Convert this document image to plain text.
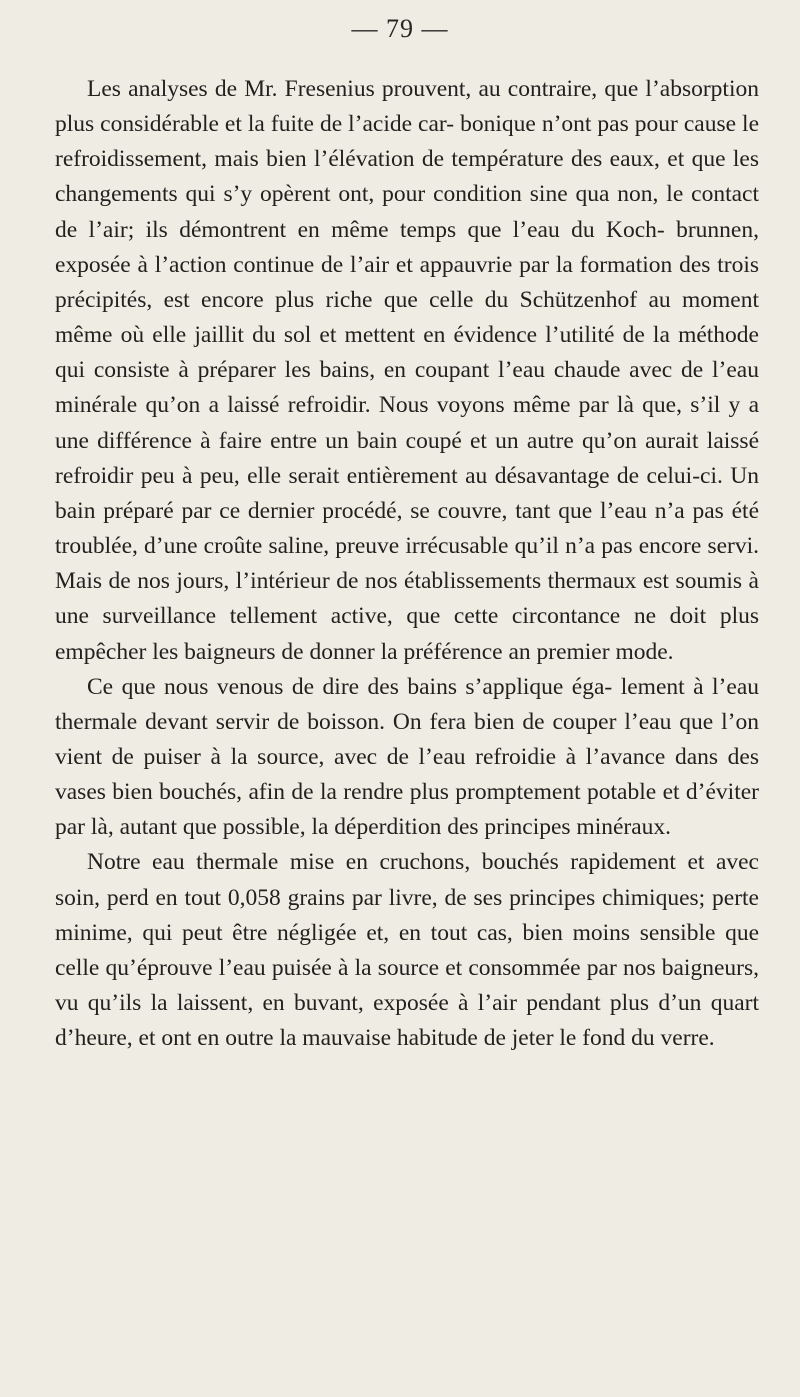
— 79 —

Les analyses de Mr. Fresenius prouvent, au contraire, que l’absorption plus considérable et la fuite de l’acide car- bonique n’ont pas pour cause le refroidissement, mais bien l’élévation de température des eaux, et que les changements qui s’y opèrent ont, pour condition sine qua non, le contact de l’air; ils démontrent en même temps que l’eau du Koch- brunnen, exposée à l’action continue de l’air et appauvrie par la formation des trois précipités, est encore plus riche que celle du Schützenhof au moment même où elle jaillit du sol et mettent en évidence l’utilité de la méthode qui consiste à préparer les bains, en coupant l’eau chaude avec de l’eau minérale qu’on a laissé refroidir. Nous voyons même par là que, s’il y a une différence à faire entre un bain coupé et un autre qu’on aurait laissé refroidir peu à peu, elle serait entièrement au désavantage de celui-ci. Un bain préparé par ce dernier procédé, se couvre, tant que l’eau n’a pas été troublée, d’une croûte saline, preuve irrécusable qu’il n’a pas encore servi. Mais de nos jours, l’intérieur de nos établissements thermaux est soumis à une surveillance tellement active, que cette circontance ne doit plus empêcher les baigneurs de donner la préférence an premier mode.

Ce que nous venous de dire des bains s’applique éga- lement à l’eau thermale devant servir de boisson. On fera bien de couper l’eau que l’on vient de puiser à la source, avec de l’eau refroidie à l’avance dans des vases bien bouchés, afin de la rendre plus promptement potable et d’éviter par là, autant que possible, la déperdition des principes minéraux.

Notre eau thermale mise en cruchons, bouchés rapidement et avec soin, perd en tout 0,058 grains par livre, de ses principes chimiques; perte minime, qui peut être négligée et, en tout cas, bien moins sensible que celle qu’éprouve l’eau puisée à la source et consommée par nos baigneurs, vu qu’ils la laissent, en buvant, exposée à l’air pendant plus d’un quart d’heure, et ont en outre la mauvaise habitude de jeter le fond du verre.
